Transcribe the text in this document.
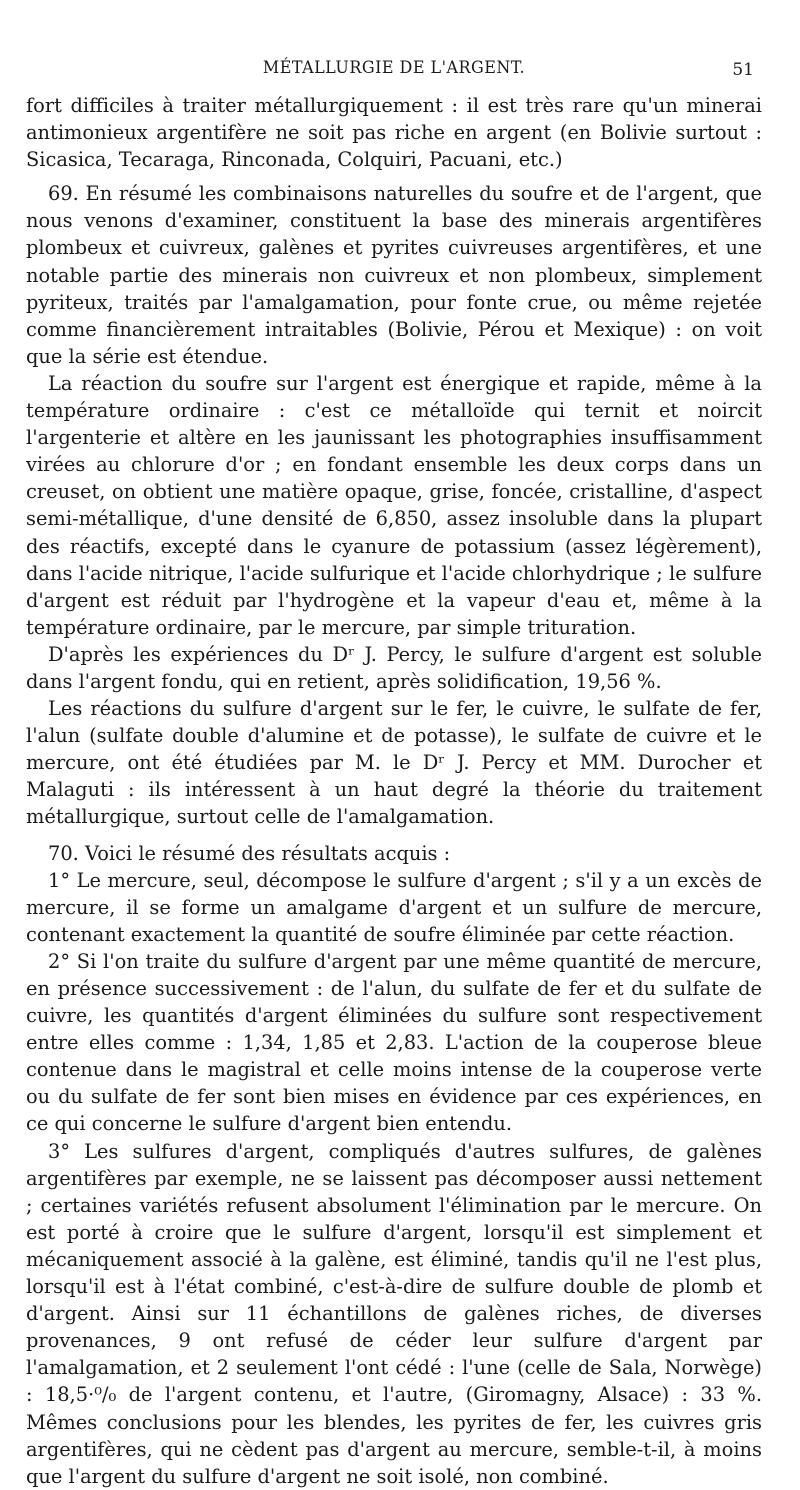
MÉTALLURGIE DE L'ARGENT.	51

fort difficiles à traiter métallurgiquement : il est très rare qu'un minerai antimonieux argentifère ne soit pas riche en argent (en Bolivie surtout : Sicasica, Tecaraga, Rinconada, Colquiri, Pacuani, etc.)

69. En résumé les combinaisons naturelles du soufre et de l'argent, que nous venons d'examiner, constituent la base des minerais argentifères plombeux et cuivreux, galènes et pyrites cuivreuses argentifères, et une notable partie des minerais non cuivreux et non plombeux, simplement pyriteux, traités par l'amalgamation, pour fonte crue, ou même rejetée comme financièrement intraitables (Bolivie, Pérou et Mexique) : on voit que la série est étendue.

La réaction du soufre sur l'argent est énergique et rapide, même à la température ordinaire : c'est ce métalloïde qui ternit et noircit l'argenterie et altère en les jaunissant les photographies insuffisamment virées au chlorure d'or ; en fondant ensemble les deux corps dans un creuset, on obtient une matière opaque, grise, foncée, cristalline, d'aspect semi-métallique, d'une densité de 6,850, assez insoluble dans la plupart des réactifs, excepté dans le cyanure de potassium (assez légèrement), dans l'acide nitrique, l'acide sulfurique et l'acide chlorhydrique ; le sulfure d'argent est réduit par l'hydrogène et la vapeur d'eau et, même à la température ordinaire, par le mercure, par simple trituration.

D'après les expériences du Dʳ J. Percy, le sulfure d'argent est soluble dans l'argent fondu, qui en retient, après solidification, 19,56 %.

Les réactions du sulfure d'argent sur le fer, le cuivre, le sulfate de fer, l'alun (sulfate double d'alumine et de potasse), le sulfate de cuivre et le mercure, ont été étudiées par M. le Dʳ J. Percy et MM. Durocher et Malaguti : ils intéressent à un haut degré la théorie du traitement métallurgique, surtout celle de l'amalgamation.

70. Voici le résumé des résultats acquis :

1° Le mercure, seul, décompose le sulfure d'argent ; s'il y a un excès de mercure, il se forme un amalgame d'argent et un sulfure de mercure, contenant exactement la quantité de soufre éliminée par cette réaction.

2° Si l'on traite du sulfure d'argent par une même quantité de mercure, en présence successivement : de l'alun, du sulfate de fer et du sulfate de cuivre, les quantités d'argent éliminées du sulfure sont respectivement entre elles comme : 1,34, 1,85 et 2,83. L'action de la couperose bleue contenue dans le magistral et celle moins intense de la couperose verte ou du sulfate de fer sont bien mises en évidence par ces expériences, en ce qui concerne le sulfure d'argent bien entendu.

3° Les sulfures d'argent, compliqués d'autres sulfures, de galènes argentifères par exemple, ne se laissent pas décomposer aussi nettement ; certaines variétés refusent absolument l'élimination par le mercure. On est porté à croire que le sulfure d'argent, lorsqu'il est simplement et mécaniquement associé à la galène, est éliminé, tandis qu'il ne l'est plus, lorsqu'il est à l'état combiné, c'est-à-dire de sulfure double de plomb et d'argent. Ainsi sur 11 échantillons de galènes riches, de diverses provenances, 9 ont refusé de céder leur sulfure d'argent par l'amalgamation, et 2 seulement l'ont cédé : l'une (celle de Sala, Norwège) : 18,5·⁰/₀ de l'argent contenu, et l'autre, (Giromagny, Alsace) : 33 %. Mêmes conclusions pour les blendes, les pyrites de fer, les cuivres gris argentifères, qui ne cèdent pas d'argent au mercure, semble-t-il, à moins que l'argent du sulfure d'argent ne soit isolé, non combiné.
